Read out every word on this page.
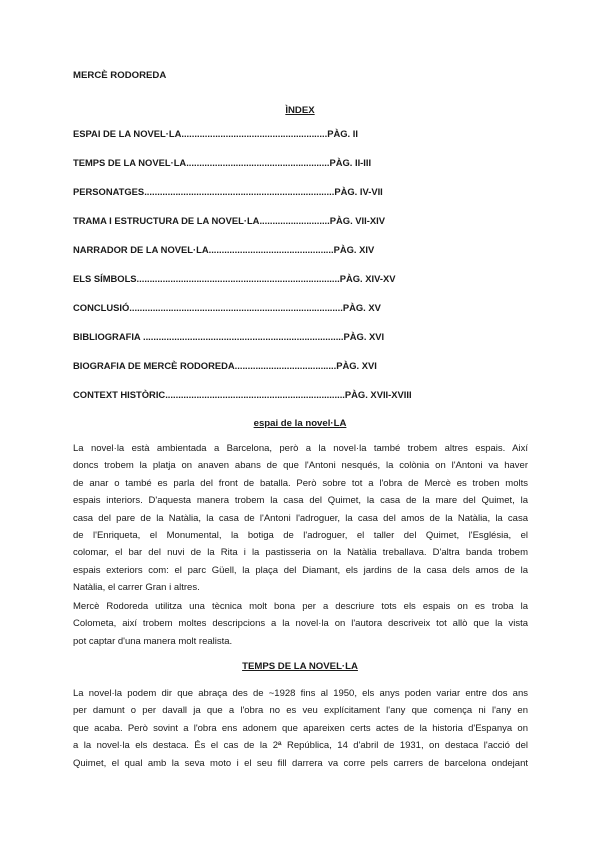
MERCÈ RODOREDA
ÌNDEX
ESPAI DE LA NOVEL·LA........................................................PÀG. II
TEMPS DE LA NOVEL·LA.......................................................PÀG. II-III
PERSONATGES.........................................................................PÀG. IV-VII
TRAMA I ESTRUCTURA DE LA NOVEL·LA...........................PÀG. VII-XIV
NARRADOR DE LA NOVEL·LA................................................PÀG. XIV
ELS SÍMBOLS..............................................................................PÀG. XIV-XV
CONCLUSIÓ..................................................................................PÀG. XV
BIBLIOGRAFIA .............................................................................PÀG. XVI
BIOGRAFIA DE MERCÈ RODOREDA.......................................PÀG. XVI
CONTEXT HISTÒRIC.....................................................................PÀG. XVII-XVIII
espai de la novel·LA
La novel·la està ambientada a Barcelona, però a la novel·la també trobem altres espais. Així
doncs trobem la platja on anaven abans de que l'Antoni nesqués, la colònia on l'Antoni va haver
de anar o també es parla del front de batalla. Però sobre tot a l'obra de Mercè es troben molts
espais interiors. D'aquesta manera trobem la casa del Quimet, la casa de la mare del Quimet, la
casa del pare de la Natàlia, la casa de l'Antoni l'adroguer, la casa del amos de la Natàlia, la casa
de l'Enriqueta, el Monumental, la botiga de l'adroguer, el taller del Quimet, l'Església, el
colomar, el bar del nuvi de la Rita i la pastisseria on la Natàlia treballava. D'altra banda trobem
espais exteriors com: el parc Güell, la plaça del Diamant, els jardins de la casa dels amos de la
Natàlia, el carrer Gran i altres.
Mercè Rodoreda utilitza una tècnica molt bona per a descriure tots els espais on es troba la
Colometa, així trobem moltes descripcions a la novel·la on l'autora descriveix tot allò que la vista
pot captar d'una manera molt realista.
TEMPS DE LA NOVEL·LA
La novel·la podem dir que abraça des de ~1928 fins al 1950, els anys poden variar entre dos ans
per damunt o per davall ja que a l'obra no es veu explícitament l'any que comença ni l'any en
que acaba. Però sovint a l'obra ens adonem que apareixen certs actes de la historia d'Espanya on
a la novel·la els destaca. És el cas de la 2ª República, 14 d'abril de 1931, on destaca l'acció del
Quimet, el qual amb la seva moto i el seu fill darrera va corre pels carrers de barcelona ondejant
